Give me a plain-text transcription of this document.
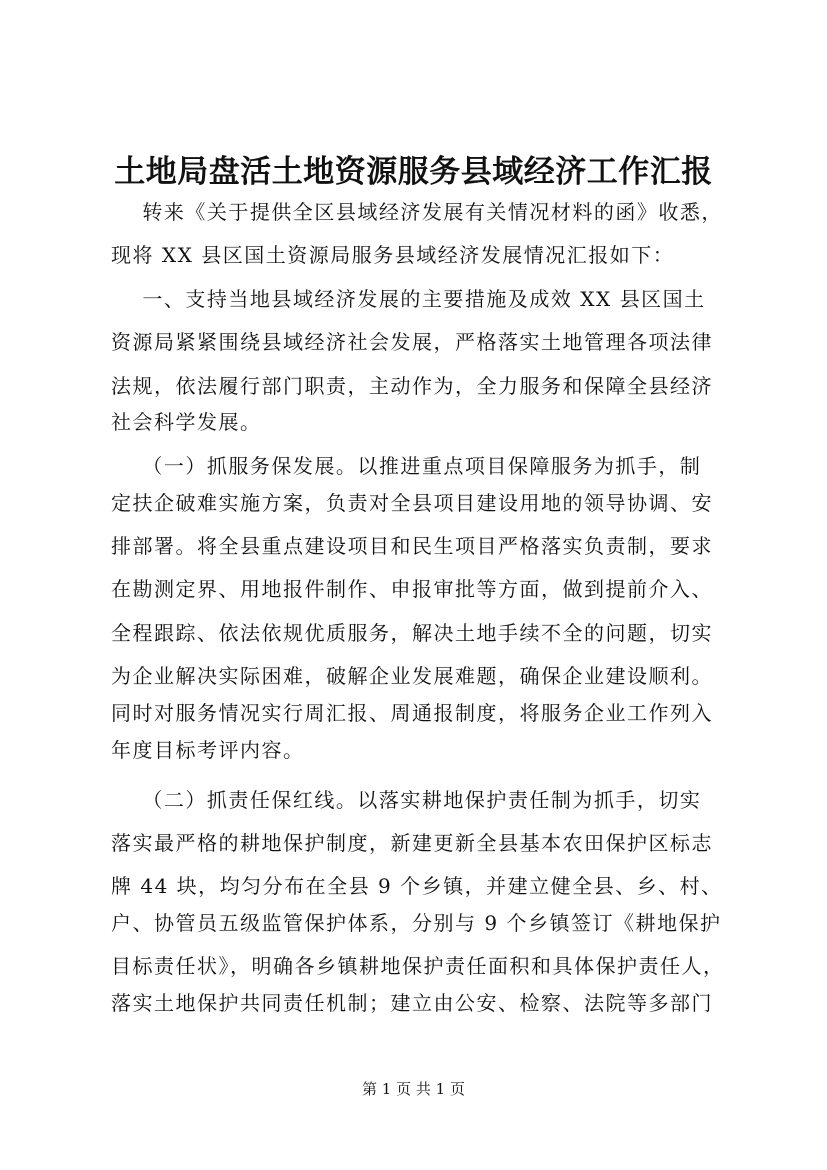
土地局盘活土地资源服务县域经济工作汇报
转来《关于提供全区县域经济发展有关情况材料的函》收悉，
现将 XX 县区国土资源局服务县域经济发展情况汇报如下：
一、支持当地县域经济发展的主要措施及成效 XX 县区国土
资源局紧紧围绕县域经济社会发展，严格落实土地管理各项法律
法规，依法履行部门职责，主动作为，全力服务和保障全县经济
社会科学发展。
（一）抓服务保发展。以推进重点项目保障服务为抓手，制
定扶企破难实施方案，负责对全县项目建设用地的领导协调、安
排部署。将全县重点建设项目和民生项目严格落实负责制，要求
在勘测定界、用地报件制作、申报审批等方面，做到提前介入、
全程跟踪、依法依规优质服务，解决土地手续不全的问题，切实
为企业解决实际困难，破解企业发展难题，确保企业建设顺利。
同时对服务情况实行周汇报、周通报制度，将服务企业工作列入
年度目标考评内容。
（二）抓责任保红线。以落实耕地保护责任制为抓手，切实
落实最严格的耕地保护制度，新建更新全县基本农田保护区标志
牌 44 块，均匀分布在全县 9 个乡镇，并建立健全县、乡、村、
户、协管员五级监管保护体系，分别与 9 个乡镇签订《耕地保护
目标责任状》，明确各乡镇耕地保护责任面积和具体保护责任人，
落实土地保护共同责任机制；建立由公安、检察、法院等多部门
第 1 页 共 1 页
